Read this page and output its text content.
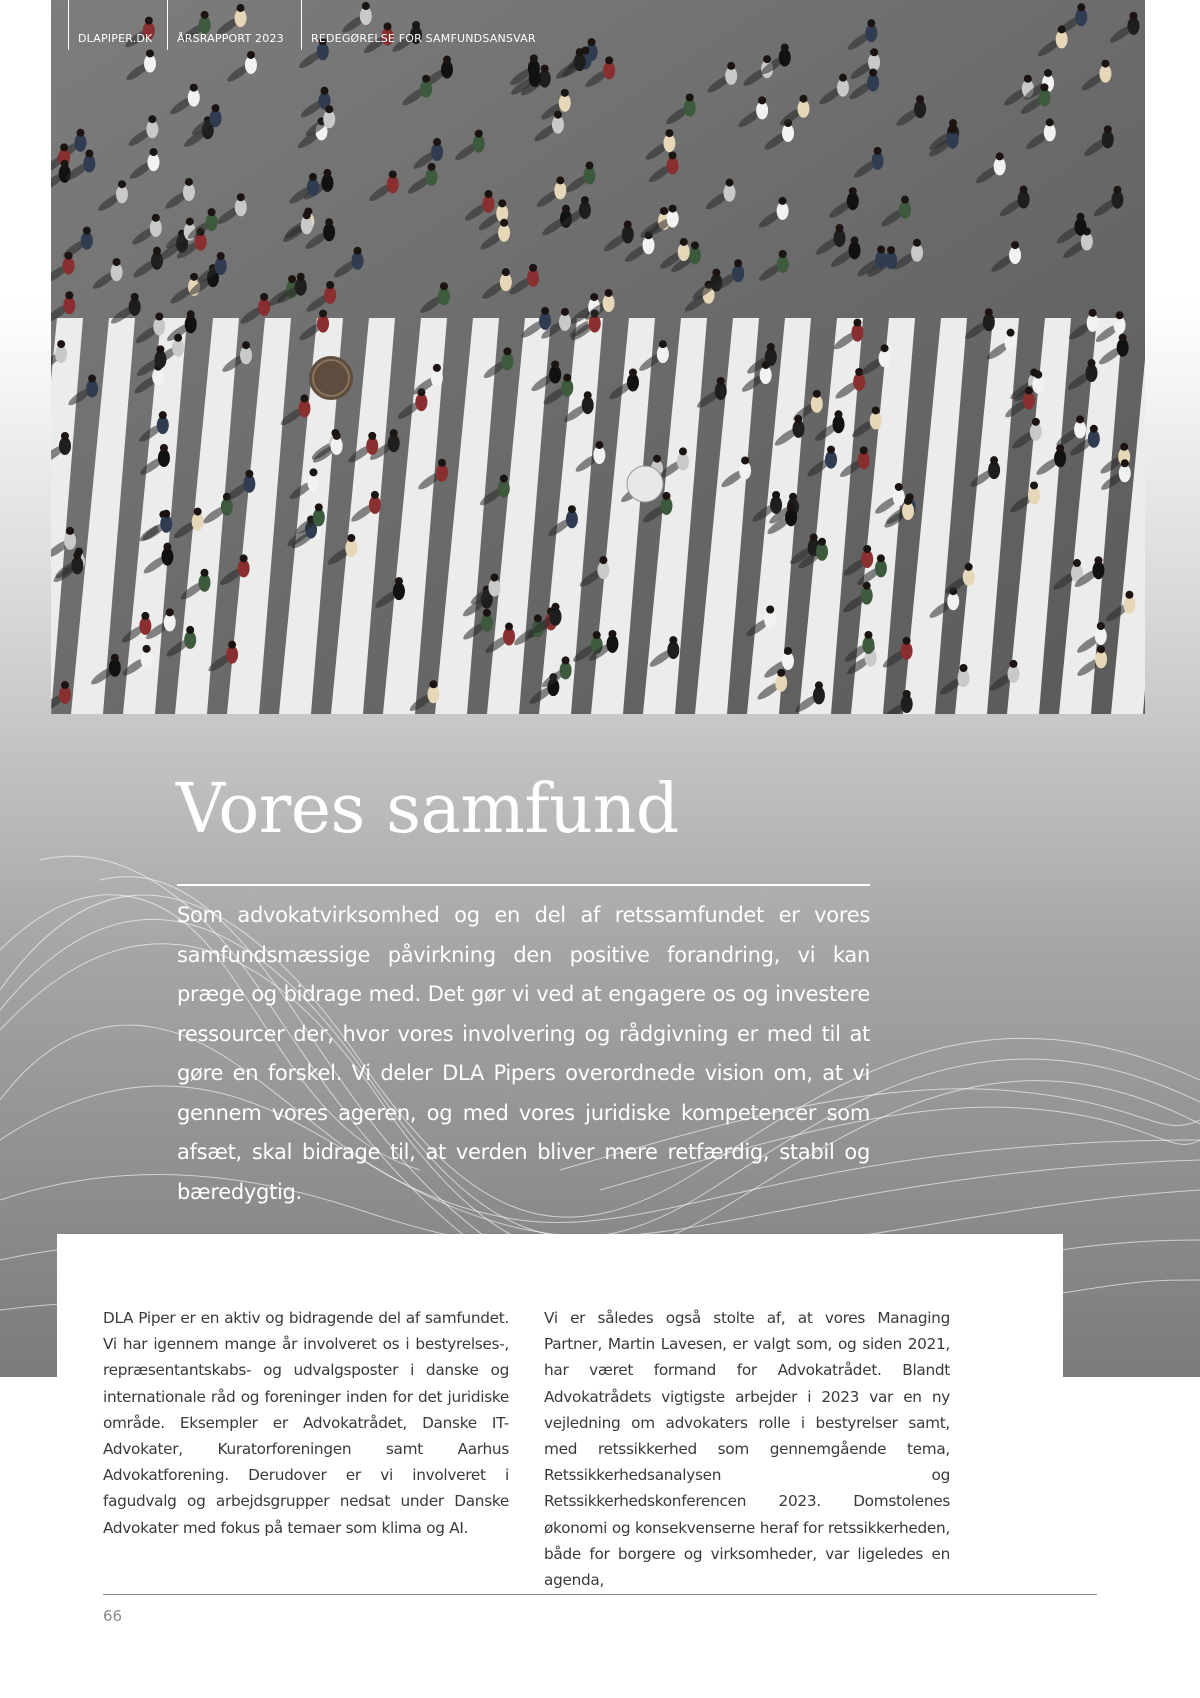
DLAPIPER.DK	ÅRSRAPPORT 2023	REDEGØRELSE FOR SAMFUNDSANSVAR
Vores samfund

Som advokatvirksomhed og en del af retssamfundet er vores samfundsmæssige påvirkning den positive forandring, vi kan præge og bidrage med. Det gør vi ved at engagere os og investere ressourcer der, hvor vores involvering og rådgivning er med til at gøre en forskel. Vi deler DLA Pipers overordnede vision om, at vi gennem vores ageren, og med vores juridiske kompetencer som afsæt, skal bidrage til, at verden bliver mere retfærdig, stabil og bæredygtig.

DLA Piper er en aktiv og bidragende del af samfundet. Vi har igennem mange år involveret os i bestyrelses-, repræsentantskabs- og udvalgsposter i danske og internationale råd og foreninger inden for det juridiske område. Eksempler er Advokatrådet, Danske IT-Advokater, Kuratorforeningen samt Aarhus Advokatforening. Derudover er vi involveret i fagudvalg og arbejdsgrupper nedsat under Danske Advokater med fokus på temaer som klima og AI.

Vi er således også stolte af, at vores Managing Partner, Martin Lavesen, er valgt som, og siden 2021, har været formand for Advokatrådet. Blandt Advokatrådets vigtigste arbejder i 2023 var en ny vejledning om advokaters rolle i bestyrelser samt, med retssikkerhed som gennemgående tema, Retssikkerhedsanalysen og Retssikkerhedskonferencen 2023. Domstolenes økonomi og konsekvenserne heraf for retssikkerheden, både for borgere og virksomheder, var ligeledes en agenda,

66
